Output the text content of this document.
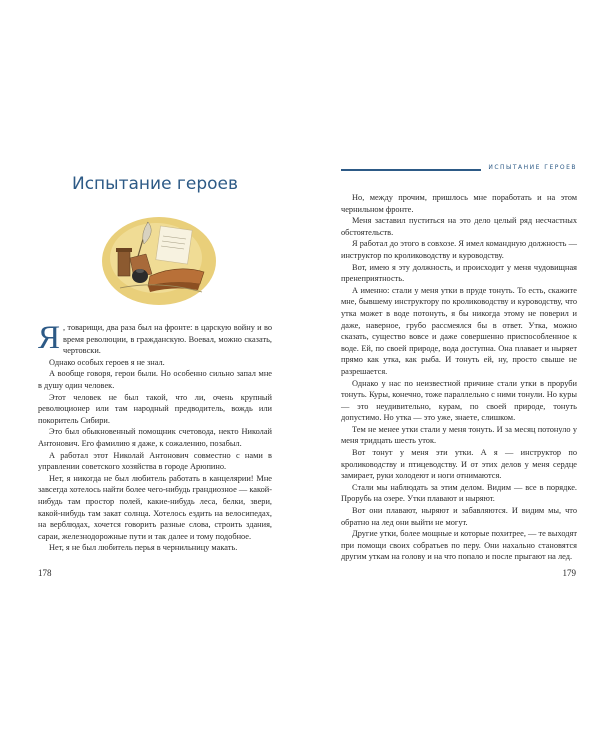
Испытание героев

Я , товарищи, два раза был на фронте: в царскую войну и во время революции, в гражданскую. Воевал, можно сказать, чертовски.

Однако особых героев я не знал.

А вообще говоря, герои были. Но особенно сильно запал мне в душу один человек.

Этот человек не был такой, что ли, очень крупный революционер или там народный предводитель, вождь или покоритель Сибири.

Это был обыкновенный помощник счетовода, некто Николай Антонович. Его фамилию я даже, к сожалению, позабыл.

А работал этот Николай Антонович совместно с нами в управлении советского хозяйства в городе Арюпино.

Нет, я никогда не был любитель работать в канцелярии! Мне завсегда хотелось найти более чего-нибудь грандиозное — какой-нибудь там простор полей, какие-нибудь леса, белки, звери, какой-нибудь там закат солнца. Хотелось ездить на велосипедах, на верблюдах, хочется говорить разные слова, строить здания, сараи, железнодорожные пути и так далее и тому подобное.

Нет, я не был любитель перья в чернильницу макать.

178
ИСПЫТАНИЕ ГЕРОЕВ

Но, между прочим, пришлось мне поработать и на этом чернильном фронте.

Меня заставил пуститься на это дело целый ряд несчастных обстоятельств.

Я работал до этого в совхозе. Я имел командную должность — инструктор по кролиководству и куроводству.

Вот, имею я эту должность, и происходит у меня чудовищная пренеприятность.

А именно: стали у меня утки в пруде тонуть. То есть, скажите мне, бывшему инструктору по кролиководству и куроводству, что утка может в воде потонуть, я бы никогда этому не поверил и даже, наверное, грубо рассмеялся бы в ответ. Утка, можно сказать, существо вовсе и даже совершенно приспособленное к воде. Ей, по своей природе, вода доступна. Она плавает и ныряет прямо как утка, как рыба. И тонуть ей, ну, просто свыше не разрешается.

Однако у нас по неизвестной причине стали утки в проруби тонуть. Куры, конечно, тоже параллельно с ними тонули. Но куры — это неудивительно, курам, по своей природе, тонуть допустимо. Но утка — это уже, знаете, слишком.

Тем не менее утки стали у меня тонуть. И за месяц потонуло у меня тридцать шесть уток.

Вот тонут у меня эти утки. А я — инструктор по кролиководству и птицеводству. И от этих делов у меня сердце замирает, руки холодеют и ноги отнимаются.

Стали мы наблюдать за этим делом. Видим — все в порядке. Прорубь на озере. Утки плавают и ныряют.

Вот они плавают, ныряют и забавляются. И видим мы, что обратно на лед они выйти не могут.

Другие утки, более мощные и которые похитрее, — те выходят при помощи своих собратьев по перу. Они нахально становятся другим уткам на голову и на что попало и после прыгают на лед.

179
